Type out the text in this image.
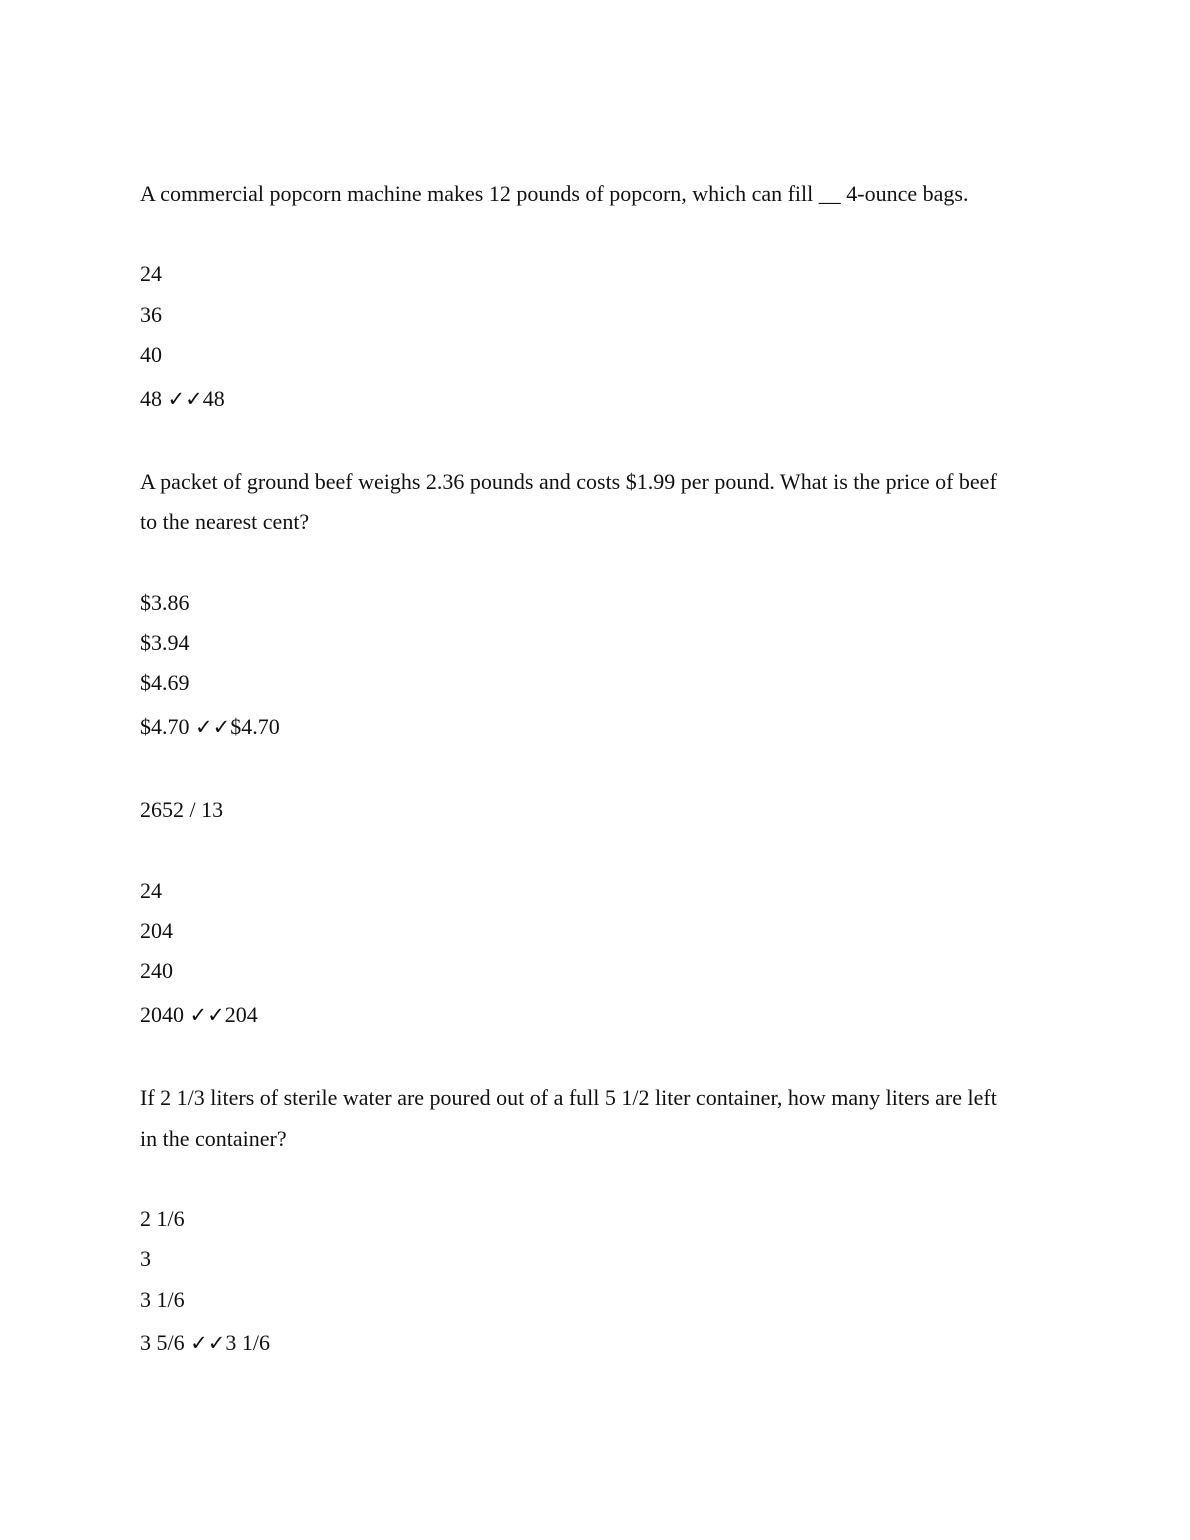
A commercial popcorn machine makes 12 pounds of popcorn, which can fill __ 4-ounce bags.
24
36
40
48 ✓✓48
A packet of ground beef weighs 2.36 pounds and costs $1.99 per pound. What is the price of beef
to the nearest cent?
$3.86
$3.94
$4.69
$4.70 ✓✓$4.70
2652 / 13
24
204
240
2040 ✓✓204
If 2 1/3 liters of sterile water are poured out of a full 5 1/2 liter container, how many liters are left
in the container?
2 1/6
3
3 1/6
3 5/6 ✓✓3 1/6
